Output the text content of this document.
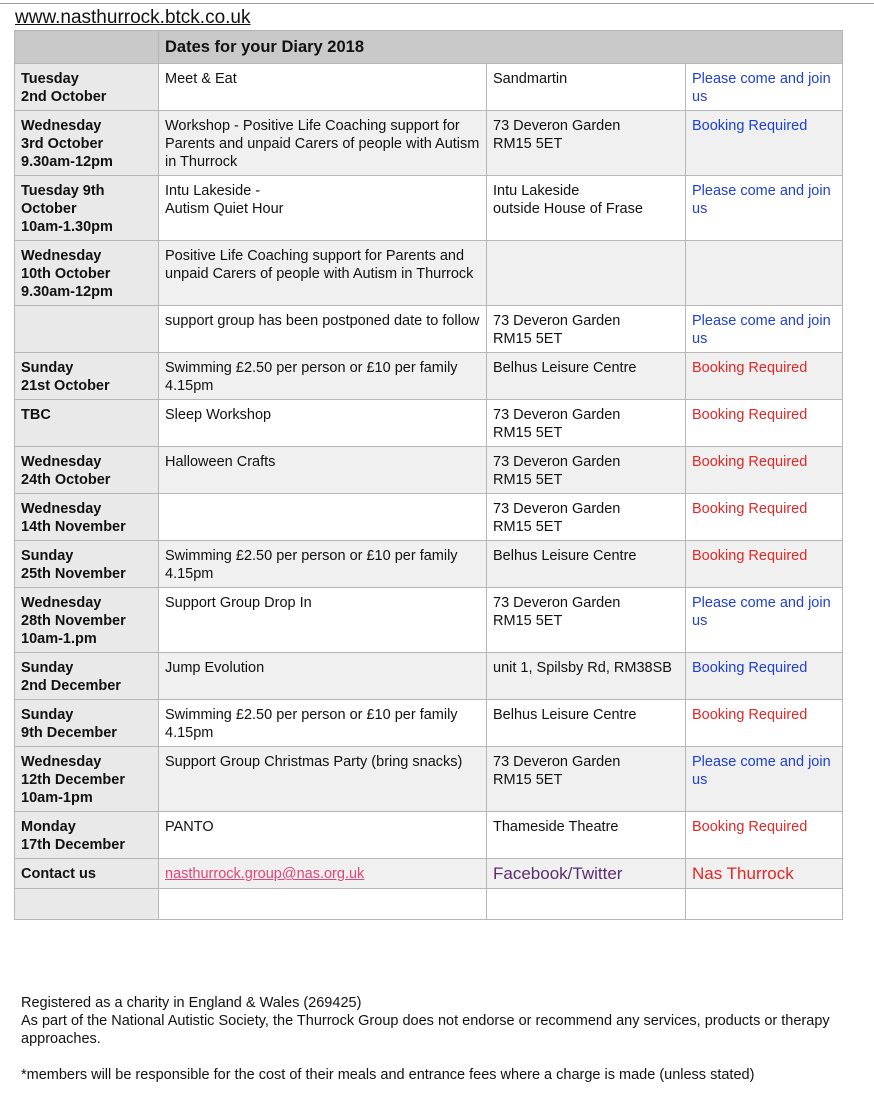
www.nasthurrock.btck.co.uk
	Dates for your Diary 2018		
Tuesday
2nd October	Meet & Eat	Sandmartin	Please come and join us
Wednesday
3rd October
9.30am-12pm	Workshop - Positive Life Coaching support for Parents and unpaid Carers of people with Autism in Thurrock	73 Deveron Garden
RM15 5ET	Booking Required
Tuesday 9th
October
10am-1.30pm	Intu Lakeside -
Autism Quiet Hour	Intu Lakeside
outside House of Frase	Please come and join us
Wednesday
10th October
9.30am-12pm	Positive Life Coaching support for Parents and unpaid Carers of people with Autism in Thurrock		
	support group has been postponed date to follow	73 Deveron Garden
RM15 5ET	Please come and join us
Sunday
21st October	Swimming £2.50 per person or £10 per family 4.15pm	Belhus Leisure Centre	Booking Required
TBC	Sleep Workshop	73 Deveron Garden
RM15 5ET	Booking Required
Wednesday
24th October	Halloween Crafts	73 Deveron Garden
RM15 5ET	Booking Required
Wednesday
14th November		73 Deveron Garden
RM15 5ET	Booking Required
Sunday
25th November	Swimming £2.50 per person or £10 per family 4.15pm	Belhus Leisure Centre	Booking Required
Wednesday
28th November
10am-1.pm	Support Group Drop In	73 Deveron Garden
RM15 5ET	Please come and join us
Sunday
2nd December	Jump Evolution	unit 1, Spilsby Rd, RM38SB	Booking Required
Sunday
9th December	Swimming £2.50 per person or £10 per family 4.15pm	Belhus Leisure Centre	Booking Required
Wednesday
12th December
10am-1pm	Support Group Christmas Party (bring snacks)	73 Deveron Garden
RM15 5ET	Please come and join us
Monday
17th December	PANTO	Thameside Theatre	Booking Required
Contact us	nasthurrock.group@nas.org.uk	Facebook/Twitter	Nas Thurrock

Registered as a charity in England & Wales (269425)

As part of the National Autistic Society, the Thurrock Group does not endorse or recommend any services, products or therapy approaches.

*members will be responsible for the cost of their meals and entrance fees where a charge is made (unless stated)
